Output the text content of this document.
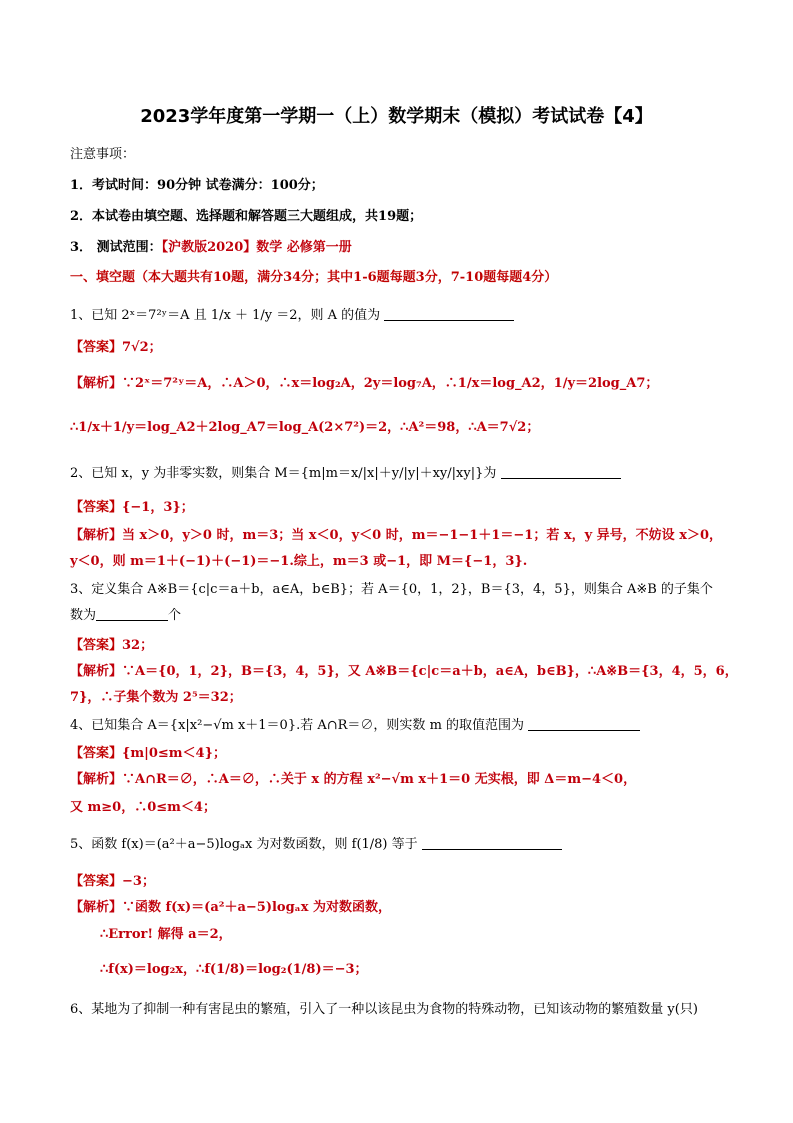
2023学年度第一学期一（上）数学期末（模拟）考试试卷【4】
注意事项：
1．考试时间：90分钟 试卷满分：100分；
2．本试卷由填空题、选择题和解答题三大题组成，共19题；
3． 测试范围：【沪教版2020】数学 必修第一册
一、填空题（本大题共有10题，满分34分；其中1-6题每题3分，7-10题每题4分）
1、已知 2ˣ＝7²ʸ＝A 且 1/x ＋ 1/y ＝2，则 A 的值为
【答案】7√2；
【解析】∵2ˣ＝7²ʸ＝A，∴A＞0，∴x＝log₂A，2y＝log₇A，∴1/x＝log_A2，1/y＝2log_A7；
∴1/x＋1/y＝log_A2＋2log_A7＝log_A(2×7²)＝2，∴A²＝98，∴A＝7√2；
2、已知 x，y 为非零实数，则集合 M＝{m|m＝x/|x|＋y/|y|＋xy/|xy|}为
【答案】{−1，3}；
【解析】当 x＞0，y＞0 时，m＝3；当 x＜0，y＜0 时，m＝−1−1＋1＝−1；若 x，y 异号，不妨设 x＞0，
y＜0，则 m＝1＋(−1)＋(−1)＝−1.综上，m＝3 或−1，即 M＝{−1，3}.
3、定义集合 A※B＝{c|c＝a＋b，a∈A，b∈B}；若 A＝{0，1，2}，B＝{3，4，5}，则集合 A※B 的子集个
数为	个
【答案】32；
【解析】∵A＝{0，1，2}，B＝{3，4，5}，又 A※B＝{c|c＝a＋b，a∈A，b∈B}，∴A※B＝{3，4，5，6，
7}，∴子集个数为 2⁵＝32；
4、已知集合 A＝{x|x²−√m x＋1＝0}.若 A∩R＝∅，则实数 m 的取值范围为
【答案】{m|0≤m＜4}；
【解析】∵A∩R＝∅，∴A＝∅，∴关于 x 的方程 x²−√m x＋1＝0 无实根，即 Δ＝m−4＜0，
又 m≥0，∴0≤m＜4；
5、函数 f(x)＝(a²＋a−5)logₐx 为对数函数，则 f(1/8) 等于
【答案】−3；
【解析】∵函数 f(x)＝(a²＋a−5)logₐx 为对数函数，
∴Error! 解得 a＝2，
∴f(x)＝log₂x，∴f(1/8)＝log₂(1/8)＝−3；
6、某地为了抑制一种有害昆虫的繁殖，引入了一种以该昆虫为食物的特殊动物，已知该动物的繁殖数量 y(只)
